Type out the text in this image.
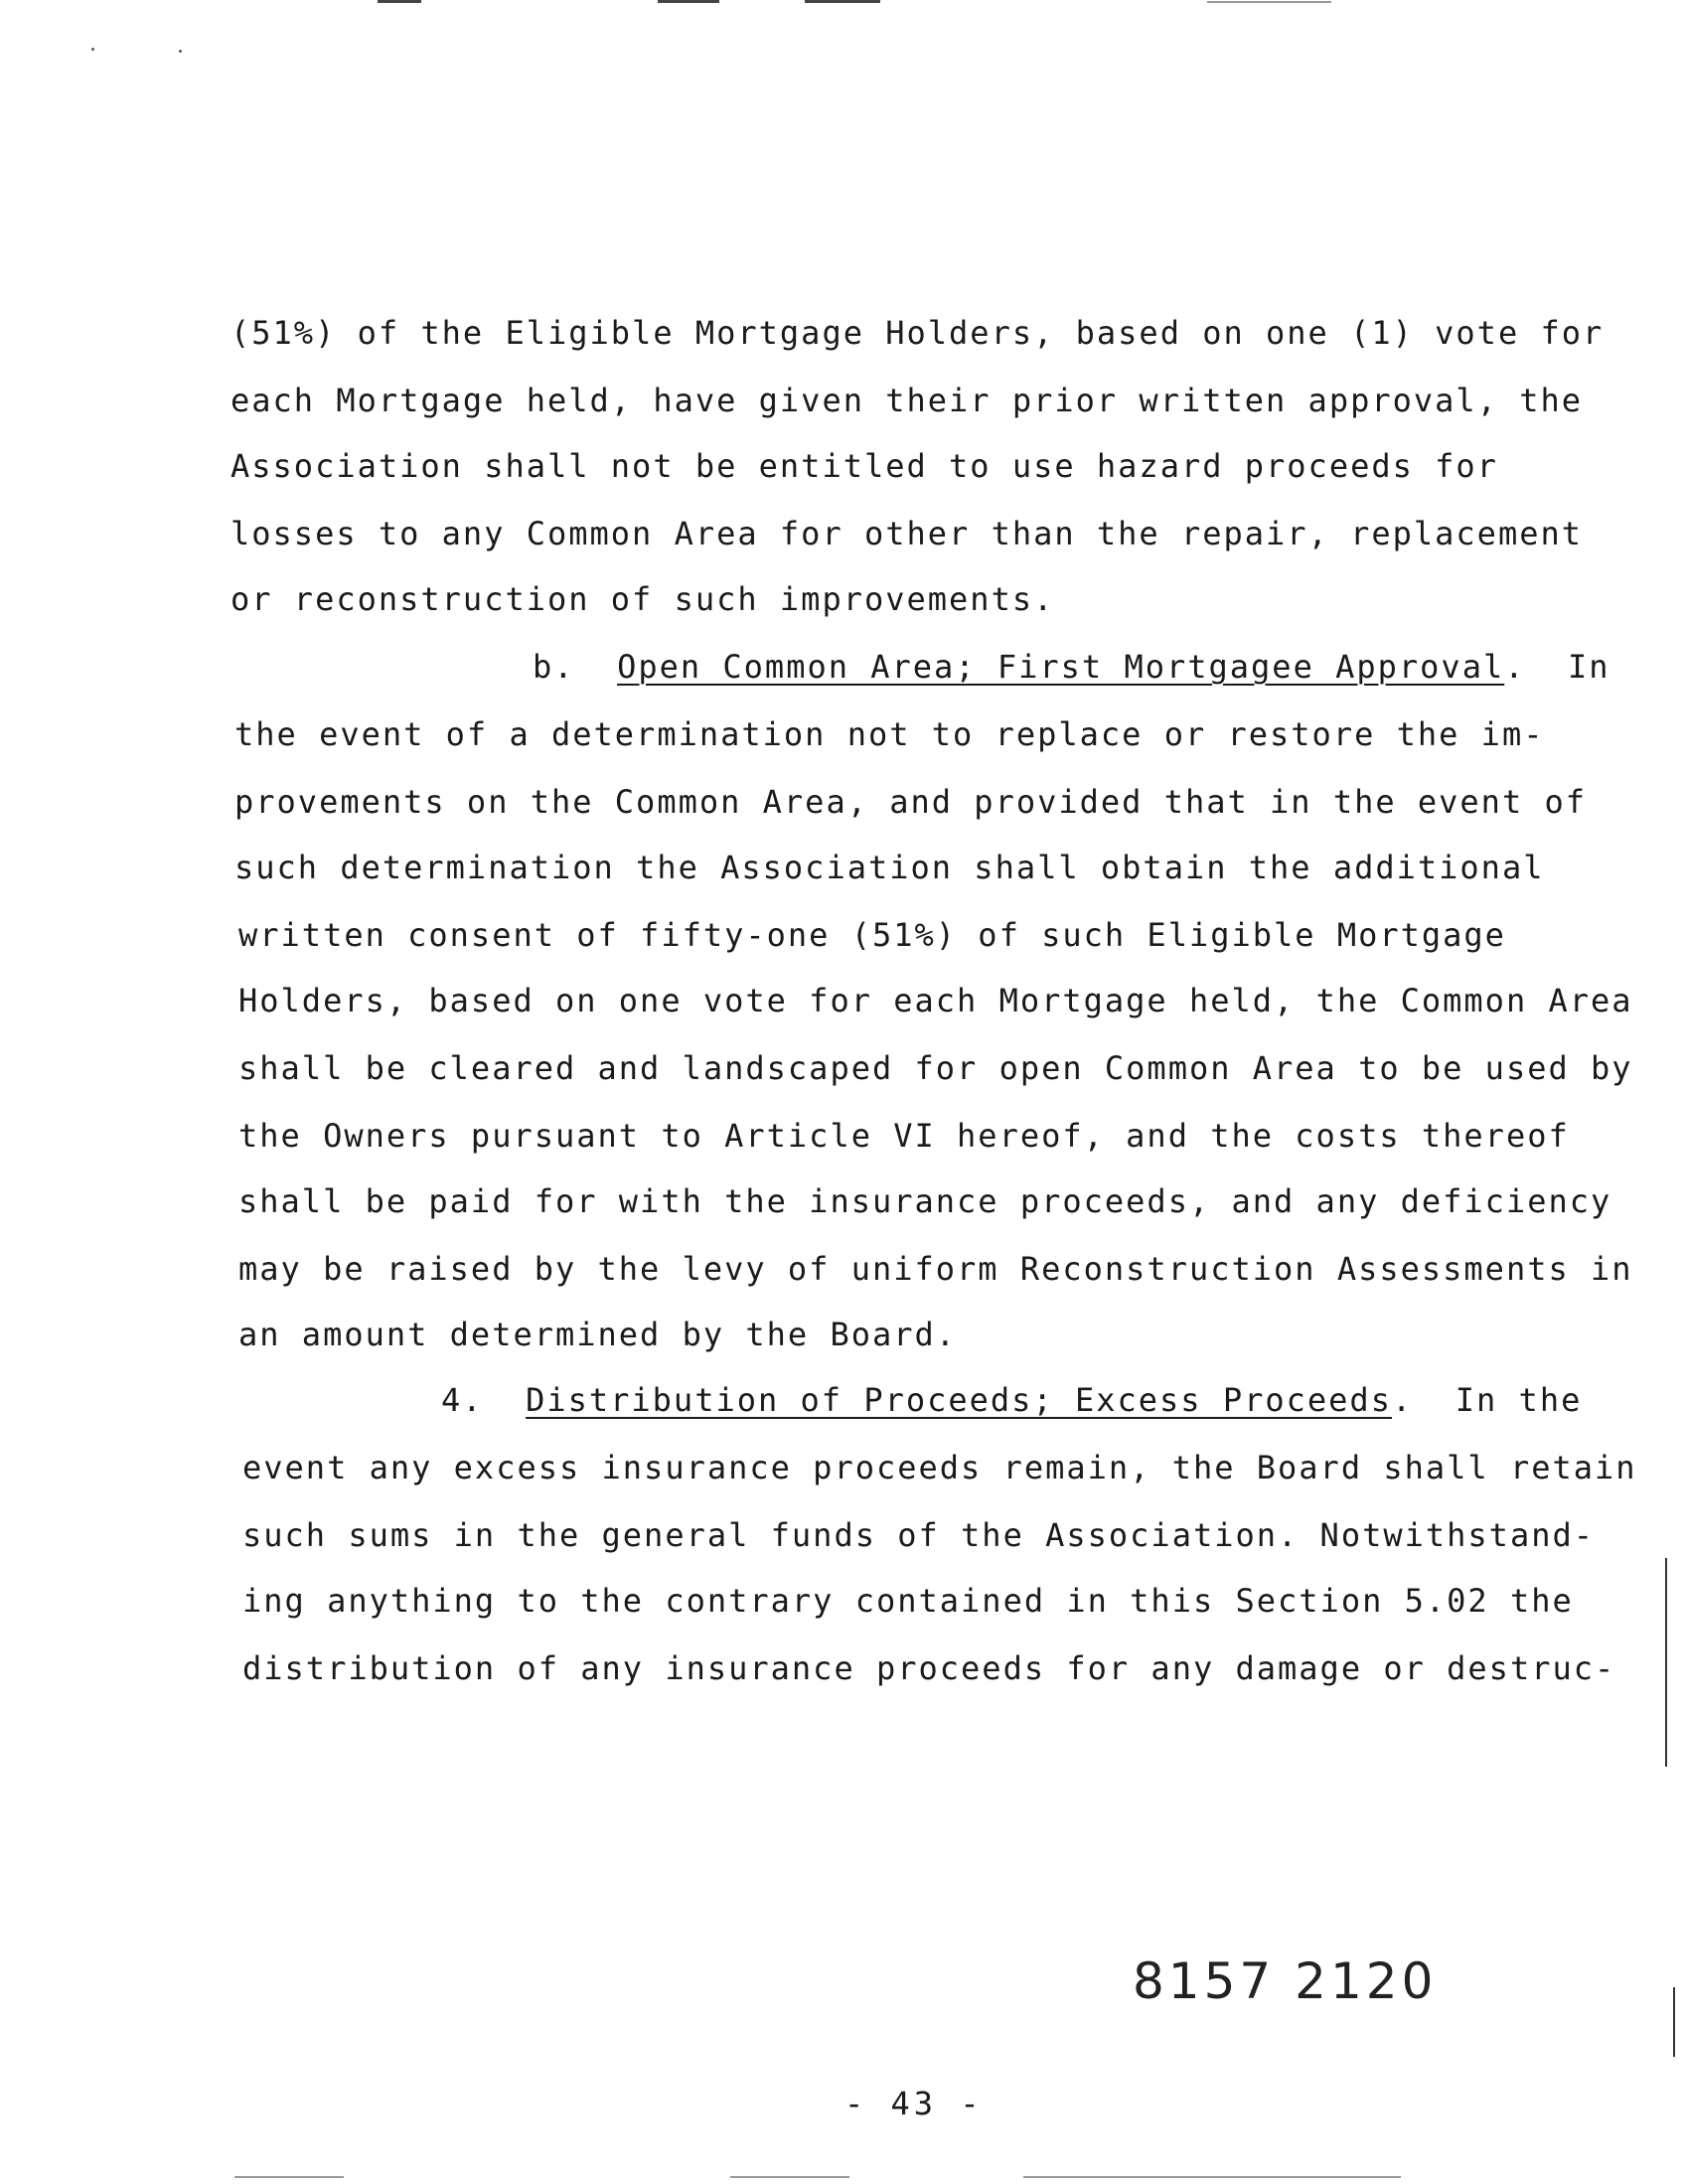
(51%) of the Eligible Mortgage Holders, based on one (1) vote for
each Mortgage held, have given their prior written approval, the
Association shall not be entitled to use hazard proceeds for
losses to any Common Area for other than the repair, replacement
or reconstruction of such improvements.
b. Open Common Area; First Mortgagee Approval. In
the event of a determination not to replace or restore the im-
provements on the Common Area, and provided that in the event of
such determination the Association shall obtain the additional
written consent of fifty-one (51%) of such Eligible Mortgage
Holders, based on one vote for each Mortgage held, the Common Area
shall be cleared and landscaped for open Common Area to be used by
the Owners pursuant to Article VI hereof, and the costs thereof
shall be paid for with the insurance proceeds, and any deficiency
may be raised by the levy of uniform Reconstruction Assessments in
an amount determined by the Board.
4. Distribution of Proceeds; Excess Proceeds. In the
event any excess insurance proceeds remain, the Board shall retain
such sums in the general funds of the Association. Notwithstand-
ing anything to the contrary contained in this Section 5.02 the
distribution of any insurance proceeds for any damage or destruc-
8157 2120
- 43 -
